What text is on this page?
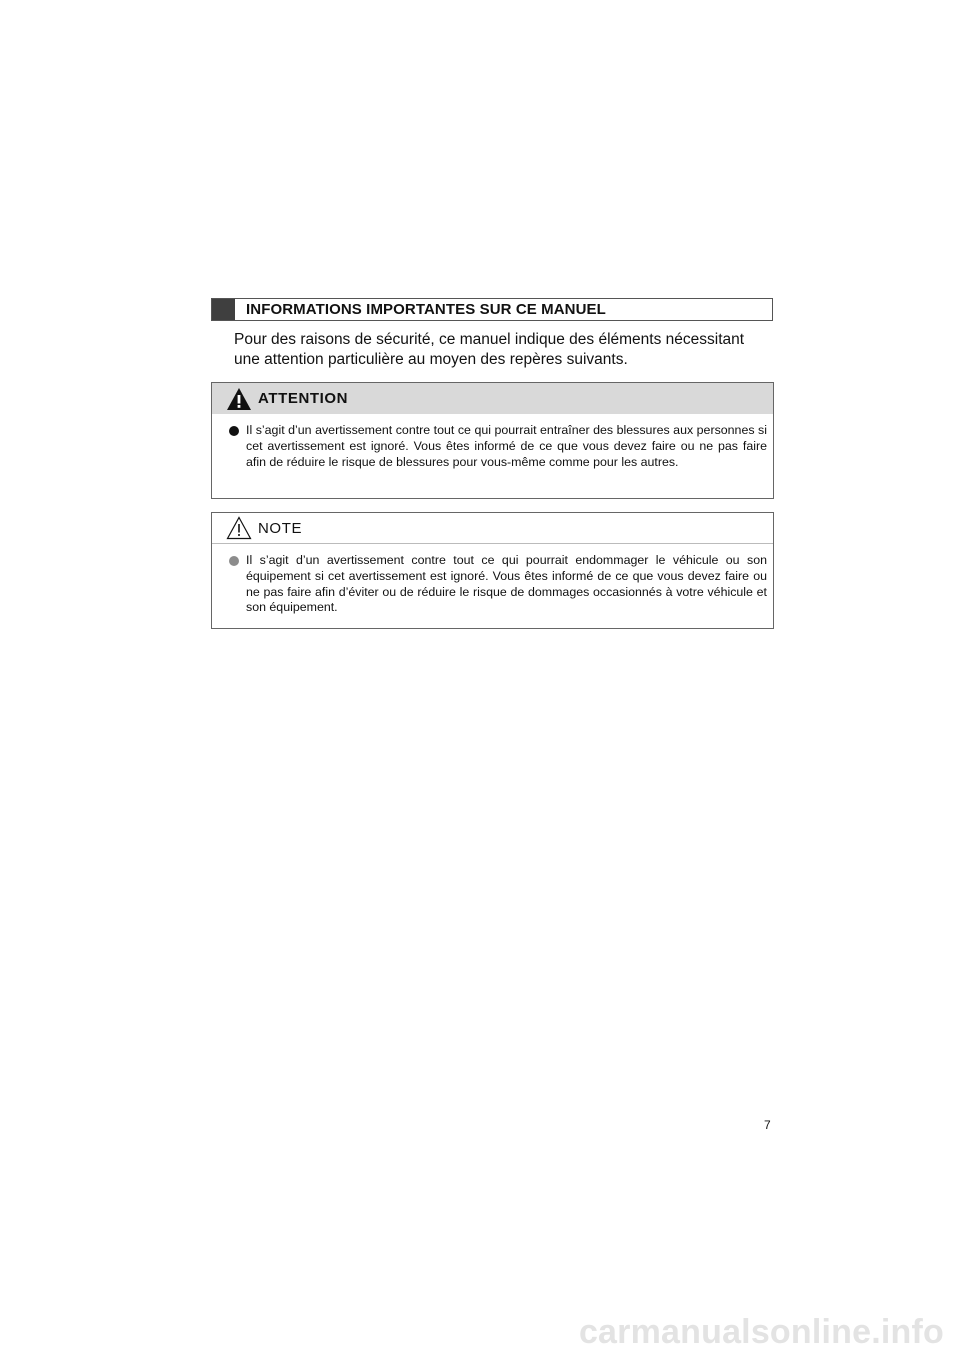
INFORMATIONS IMPORTANTES SUR CE MANUEL
Pour des raisons de sécurité, ce manuel indique des éléments nécessitant une attention particulière au moyen des repères suivants.
ATTENTION
Il s’agit d’un avertissement contre tout ce qui pourrait entraîner des blessures aux personnes si cet avertissement est ignoré. Vous êtes informé de ce que vous devez faire ou ne pas faire afin de réduire le risque de blessures pour vous-même comme pour les autres.
NOTE
Il s’agit d’un avertissement contre tout ce qui pourrait endommager le véhicule ou son équipement si cet avertissement est ignoré. Vous êtes informé de ce que vous devez faire ou ne pas faire afin d’éviter ou de réduire le risque de dommages occasionnés à votre véhicule et son équipement.
7
carmanualsonline.info
